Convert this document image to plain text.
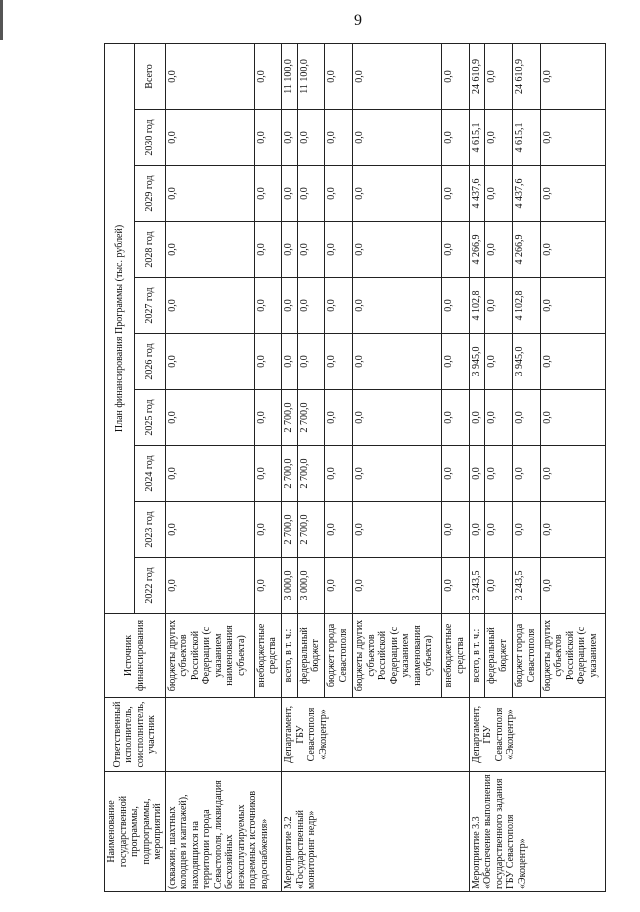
9
Наименование государственной программы, подпрограммы, мероприятий	Ответственный исполнитель, соисполнитель, участник	Источник финансирования	План финансирования Программы (тыс. рублей)									
			2022 год	2023 год	2024 год	2025 год	2026 год	2027 год	2028 год	2029 год	2030 год	Всего
(скважин, шахтных колодцев и каптажей), находящихся на территории города Севастополя, ликвидация бесхозяйных неэксплуатируемых подземных источников водоснабжения»		бюджеты других субъектов Российской Федерации (с указанием наименования субъекта)	0,0	0,0	0,0	0,0	0,0	0,0	0,0	0,0	0,0	0,0
		внебюджетные средства	0,0	0,0	0,0	0,0	0,0	0,0	0,0	0,0	0,0	0,0
Мероприятие 3.2 «Государственный мониторинг недр»	Департамент, ГБУ Севастополя «Экоцентр»	всего, в т. ч.:	3 000,0	2 700,0	2 700,0	2 700,0	0,0	0,0	0,0	0,0	0,0	11 100,0
		федеральный бюджет	3 000,0	2 700,0	2 700,0	2 700,0	0,0	0,0	0,0	0,0	0,0	11 100,0
		бюджет города Севастополя	0,0	0,0	0,0	0,0	0,0	0,0	0,0	0,0	0,0	0,0
		бюджеты других субъектов Российской Федерации (с указанием наименования субъекта)	0,0	0,0	0,0	0,0	0,0	0,0	0,0	0,0	0,0	0,0
		внебюджетные средства	0,0	0,0	0,0	0,0	0,0	0,0	0,0	0,0	0,0	0,0
Мероприятие 3.3 «Обеспечение выполнения государственного задания ГБУ Севастополя «Экоцентр»	Департамент, ГБУ Севастополя «Экоцентр»	всего, в т. ч.:	3 243,5	0,0	0,0	0,0	3 945,0	4 102,8	4 266,9	4 437,6	4 615,1	24 610,9
		федеральный бюджет	0,0	0,0	0,0	0,0	0,0	0,0	0,0	0,0	0,0	0,0
		бюджет города Севастополя	3 243,5	0,0	0,0	0,0	3 945,0	4 102,8	4 266,9	4 437,6	4 615,1	24 610,9
		бюджеты других субъектов Российской Федерации (с указанием	0,0	0,0	0,0	0,0	0,0	0,0	0,0	0,0	0,0	0,0
